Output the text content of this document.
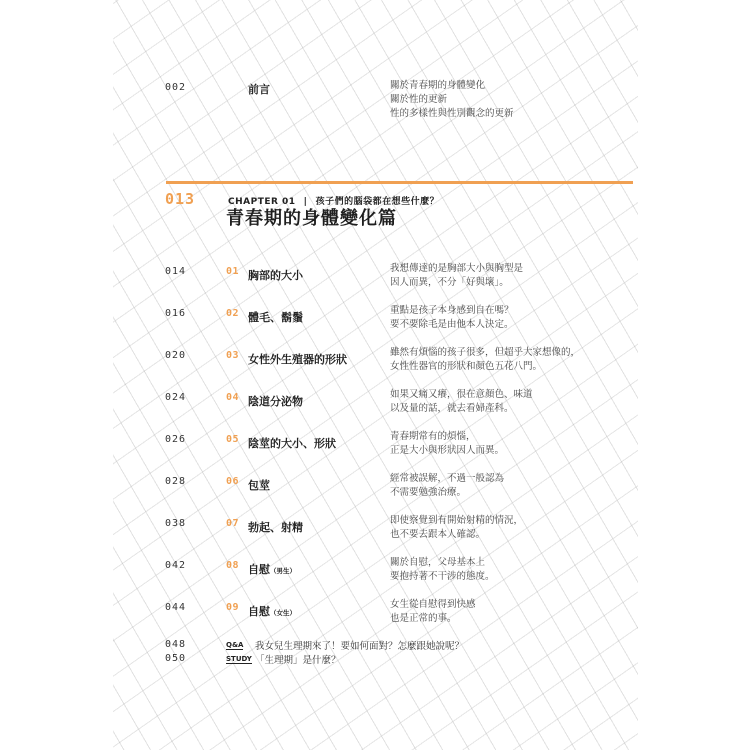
002	前言	關於青春期的身體變化
關於性的更新
性的多樣性與性別觀念的更新
013	CHAPTER 01 | 孩子們的腦袋都在想些什麼？
青春期的身體變化篇
014	01 胸部的大小
我想傳達的是胸部大小與胸型是
因人而異，不分「好與壞」。
016	02 體毛、鬍鬚
重點是孩子本身感到自在嗎？
要不要除毛是由他本人決定。
020	03 女性外生殖器的形狀
雖然有煩惱的孩子很多，但超乎大家想像的，
女性性器官的形狀和顏色五花八門。
024	04 陰道分泌物
如果又痛又癢，很在意顏色、味道
以及量的話，就去看婦產科。
026	05 陰莖的大小、形狀
青春期常有的煩惱，
正是大小與形狀因人而異。
028	06 包莖
經常被誤解，不過一般認為
不需要勉強治療。
038	07 勃起、射精
即使察覺到有開始射精的情況，
也不要去跟本人確認。
042	08 自慰（男生）
關於自慰，父母基本上
要抱持著不干涉的態度。
044	09 自慰（女生）
女生從自慰得到快感
也是正常的事。
048	Q&A 我女兒生理期來了！要如何面對？怎麼跟她說呢？
050	STUDY 「生理期」是什麼？
